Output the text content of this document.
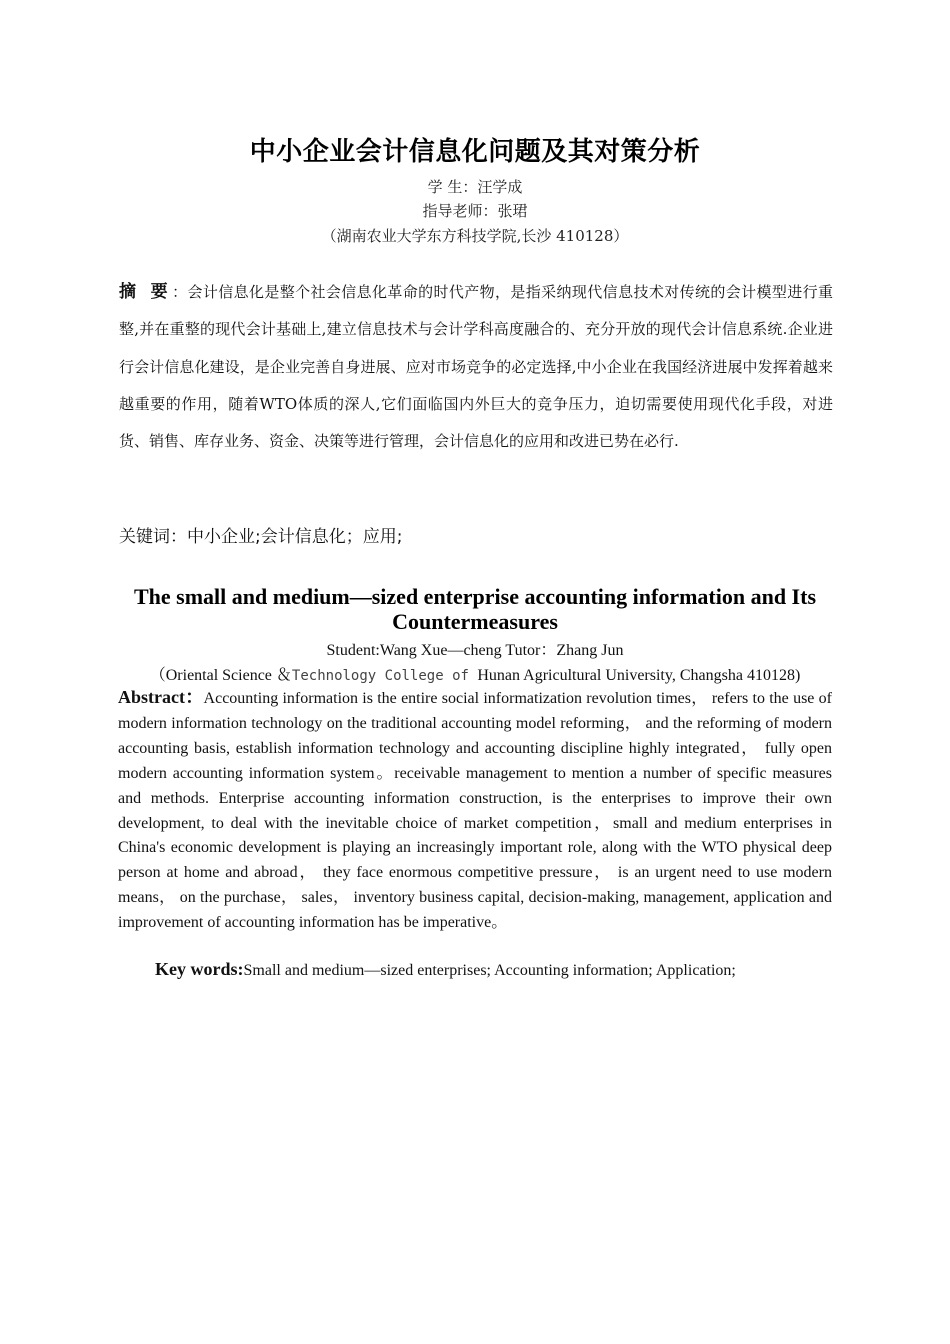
中小企业会计信息化问题及其对策分析
学 生：汪学成
指导老师：张珺
（湖南农业大学东方科技学院,长沙 410128）
摘 要：会计信息化是整个社会信息化革命的时代产物，是指采纳现代信息技术对传统的会计模型进行重整,并在重整的现代会计基础上,建立信息技术与会计学科高度融合的、充分开放的现代会计信息系统.企业进行会计信息化建设，是企业完善自身进展、应对市场竞争的必定选择,中小企业在我国经济进展中发挥着越来越重要的作用，随着WTO体质的深人,它们面临国内外巨大的竞争压力，迫切需要使用现代化手段，对进货、销售、库存业务、资金、决策等进行管理，会计信息化的应用和改进已势在必行.
关键词：中小企业;会计信息化；应用;
The small and medium—sized enterprise accounting information and Its Countermeasures
Student:Wang Xue—cheng Tutor：Zhang Jun
（Oriental Science ＆Technology College of Hunan Agricultural University, Changsha 410128)
Abstract：Accounting information is the entire social informatization revolution times， refers to the use of modern information technology on the traditional accounting model reforming， and the reforming of modern accounting basis, establish information technology and accounting discipline highly integrated， fully open modern accounting information system。receivable management to mention a number of specific measures and methods. Enterprise accounting information construction, is the enterprises to improve their own development, to deal with the inevitable choice of market competition，small and medium enterprises in China's economic development is playing an increasingly important role, along with the WTO physical deep person at home and abroad， they face enormous competitive pressure， is an urgent need to use modern means， on the purchase， sales， inventory business capital, decision-making, management, application and improvement of accounting information has be imperative。
Key words:Small and medium—sized enterprises; Accounting information; Application;
